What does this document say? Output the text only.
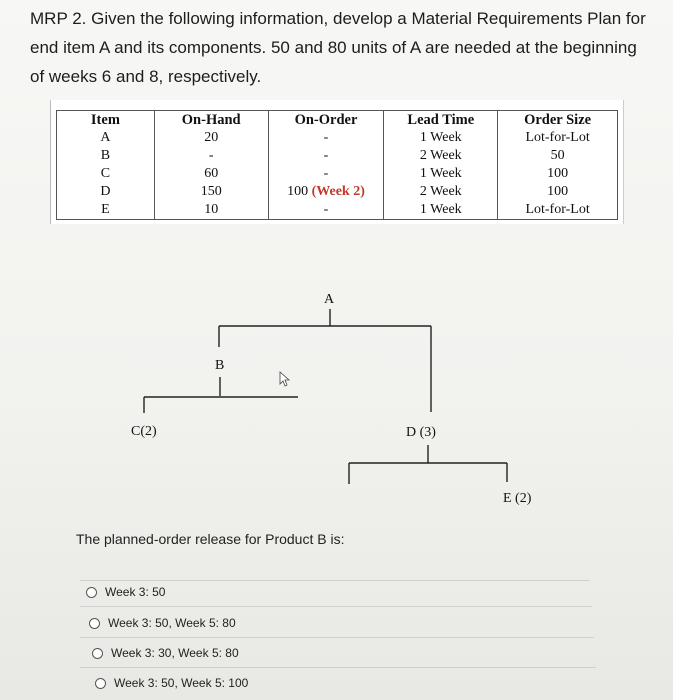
MRP 2. Given the following information, develop a Material Requirements Plan for end item A and its components. 50 and 80 units of A are needed at the beginning of weeks 6 and 8, respectively.
Item	On-Hand	On-Order	Lead Time	Order Size
A	20	-	1 Week	Lot-for-Lot
B	-	-	2 Week	50
C	60	-	1 Week	100
D	150	100 (Week 2)	2 Week	100
E	10	-	1 Week	Lot-for-Lot
A
B
C(2)	D (3)
E (2)
The planned-order release for Product B is:
Week 3: 50
Week 3: 50, Week 5: 80
Week 3: 30, Week 5: 80
Week 3: 50, Week 5: 100
